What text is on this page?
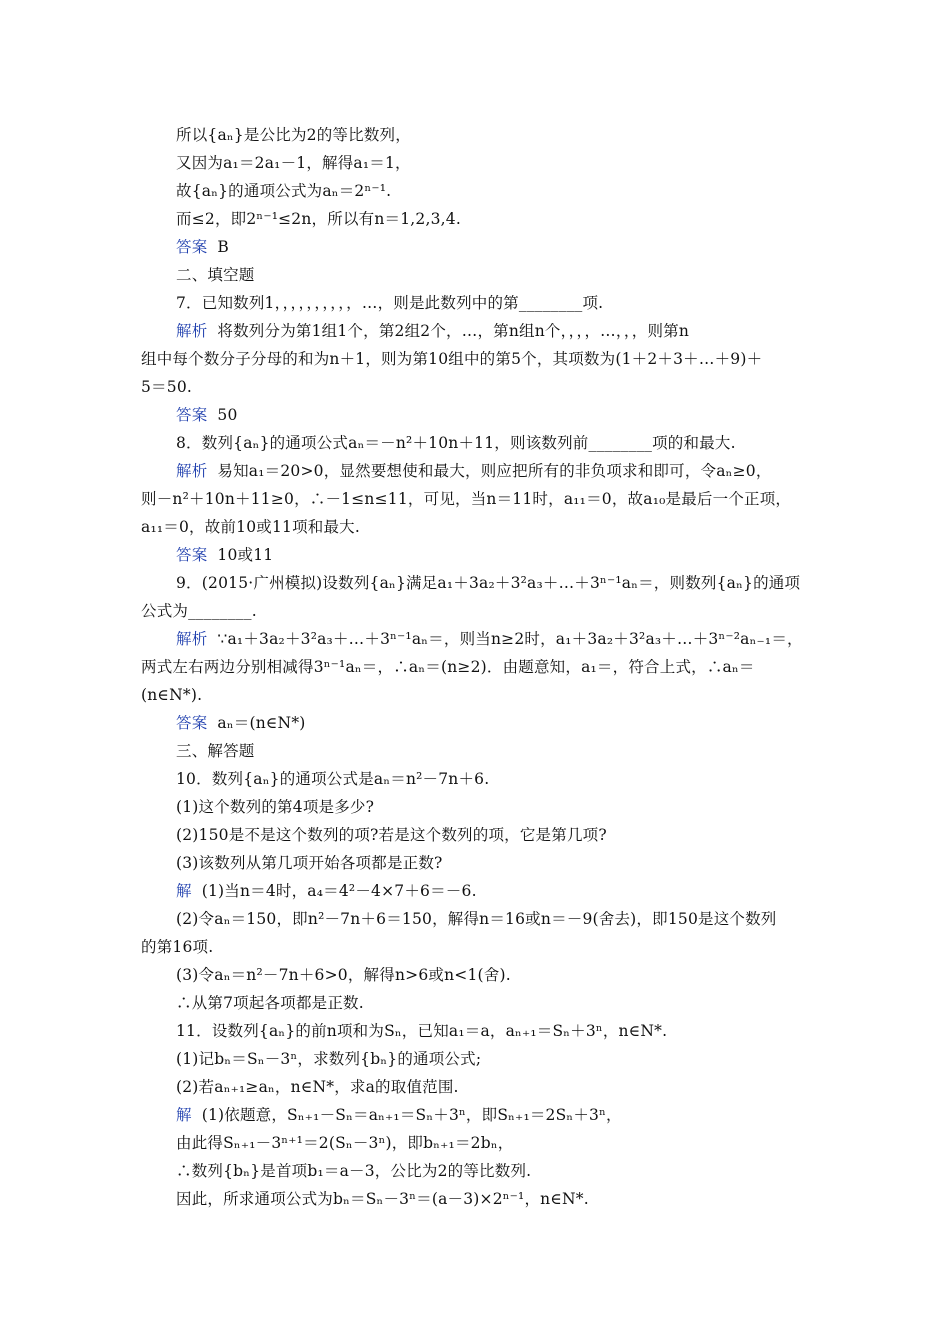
所以{aₙ}是公比为2的等比数列，
又因为a₁＝2a₁－1，解得a₁＝1，
故{aₙ}的通项公式为aₙ＝2ⁿ⁻¹.
而≤2，即2ⁿ⁻¹≤2n，所以有n＝1,2,3,4.
答案 B
二、填空题
7．已知数列1，，，，，，，，，，…，则是此数列中的第________项.
解析 将数列分为第1组1个，第2组2个，…，第n组n个，，，，…，，，则第n
组中每个数分子分母的和为n＋1，则为第10组中的第5个，其项数为(1＋2＋3＋…＋9)＋
5＝50.
答案 50
8．数列{aₙ}的通项公式aₙ＝－n²＋10n＋11，则该数列前________项的和最大.
解析 易知a₁＝20>0，显然要想使和最大，则应把所有的非负项求和即可，令aₙ≥0，
则－n²＋10n＋11≥0，∴－1≤n≤11，可见，当n＝11时，a₁₁＝0，故a₁₀是最后一个正项，
a₁₁＝0，故前10或11项和最大.
答案 10或11
9．(2015·广州模拟)设数列{aₙ}满足a₁＋3a₂＋3²a₃＋…＋3ⁿ⁻¹aₙ＝，则数列{aₙ}的通项
公式为________.
解析 ∵a₁＋3a₂＋3²a₃＋…＋3ⁿ⁻¹aₙ＝，则当n≥2时，a₁＋3a₂＋3²a₃＋…＋3ⁿ⁻²aₙ₋₁＝，
两式左右两边分别相减得3ⁿ⁻¹aₙ＝，∴aₙ＝(n≥2)．由题意知，a₁＝，符合上式，∴aₙ＝
(n∈N*).
答案 aₙ＝(n∈N*)
三、解答题
10．数列{aₙ}的通项公式是aₙ＝n²－7n＋6.
(1)这个数列的第4项是多少?
(2)150是不是这个数列的项?若是这个数列的项，它是第几项?
(3)该数列从第几项开始各项都是正数?
解 (1)当n＝4时，a₄＝4²－4×7＋6＝－6.
(2)令aₙ＝150，即n²－7n＋6＝150，解得n＝16或n＝－9(舍去)，即150是这个数列
的第16项.
(3)令aₙ＝n²－7n＋6>0，解得n>6或n<1(舍).
∴从第7项起各项都是正数.
11．设数列{aₙ}的前n项和为Sₙ，已知a₁＝a，aₙ₊₁＝Sₙ＋3ⁿ，n∈N*.
(1)记bₙ＝Sₙ－3ⁿ，求数列{bₙ}的通项公式;
(2)若aₙ₊₁≥aₙ，n∈N*，求a的取值范围.
解 (1)依题意，Sₙ₊₁－Sₙ＝aₙ₊₁＝Sₙ＋3ⁿ，即Sₙ₊₁＝2Sₙ＋3ⁿ，
由此得Sₙ₊₁－3ⁿ⁺¹＝2(Sₙ－3ⁿ)，即bₙ₊₁＝2bₙ，
∴数列{bₙ}是首项b₁＝a－3，公比为2的等比数列.
因此，所求通项公式为bₙ＝Sₙ－3ⁿ＝(a－3)×2ⁿ⁻¹，n∈N*.
